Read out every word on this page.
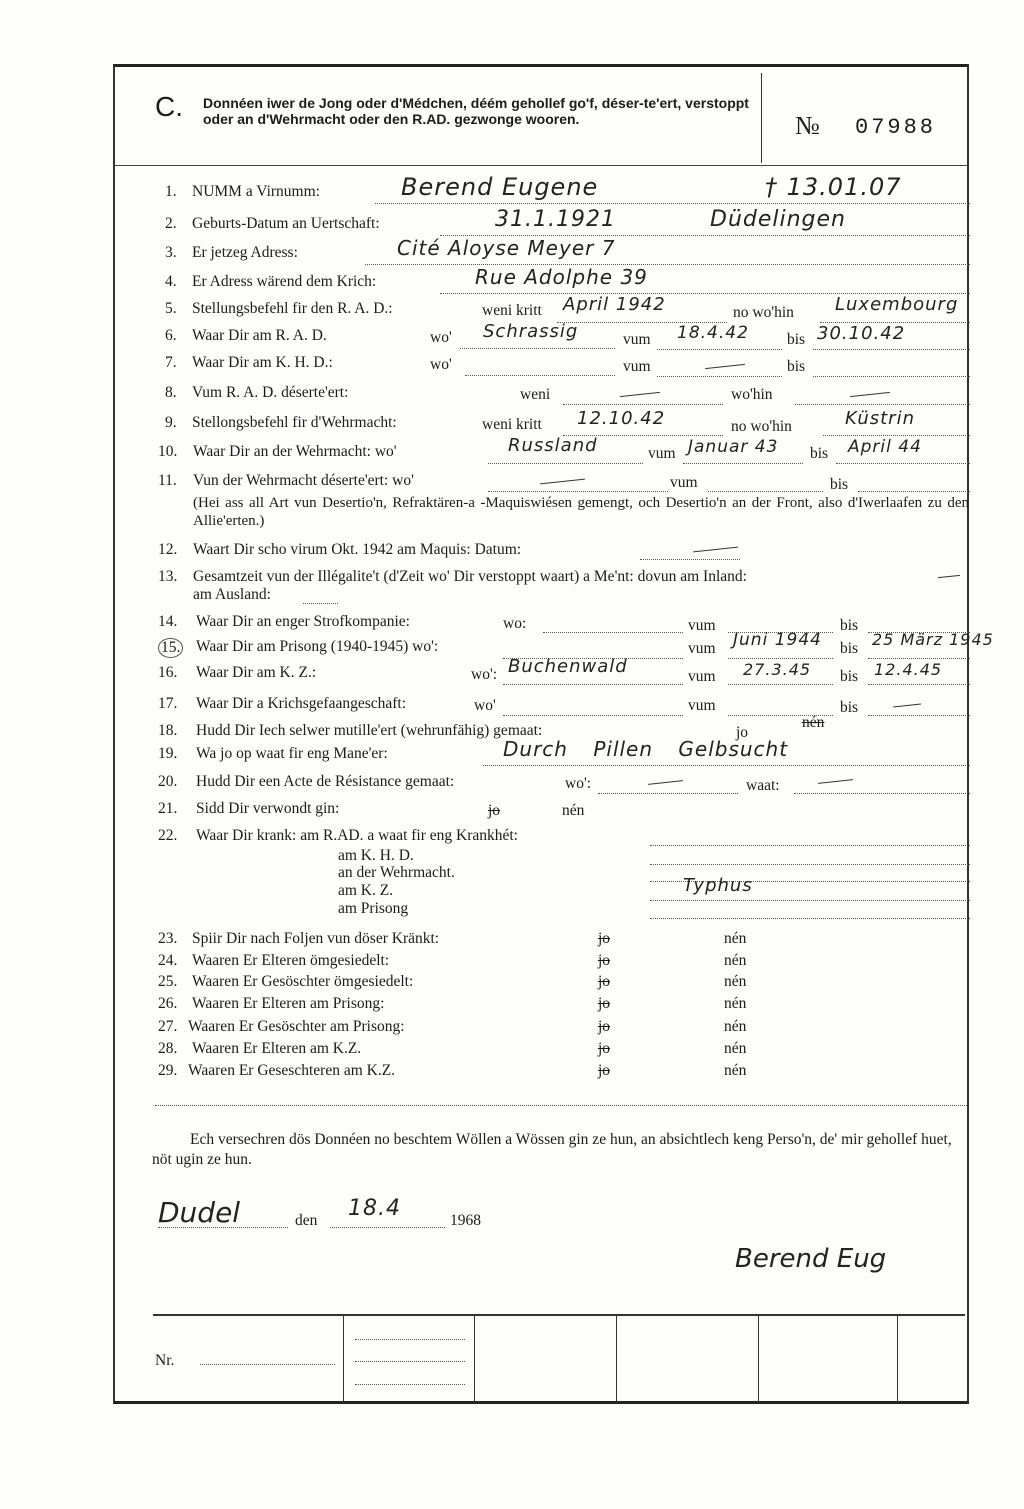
C. Donnéen iwer de Jong oder d'Médchen, déém gehollef go'f, déser-te'ert, verstoppt oder an d'Wehrmacht oder den R.AD. gezwonge wooren.	№ 07988
1. NUMM a Virnumm:	Berend Eugene	† 13.01.07
2. Geburts-Datum an Uertschaft:	31.1.1921	Düdelingen
3. Er jetzeg Adress:	Cité Aloyse Meyer 7
4. Er Adress wärend dem Krich:	Rue Adolphe 39
5. Stellungsbefehl fir den R. A. D.:	weni kritt April 1942	no wo'hin Luxembourg
6. Waar Dir am R. A. D.	wo' Schrassig	vum 18.4.42 bis 30.10.42
7. Waar Dir am K. H. D.:	wo'	vum	bis
8. Vum R. A. D. déserte'ert:	weni	wo'hin
9. Stellongsbefehl fir d'Wehrmacht:	weni kritt 12.10.42	no wo'hin	Küstrin
10. Waar Dir an der Wehrmacht: wo'	Russland	vum Januar 43 bis April 44
11. Vun der Wehrmacht déserte'ert: wo'	vum	bis
(Hei ass all Art vun Desertio'n, Refraktären-a -Maquiswiésen gemengt, och Desertio'n an der Front, also d'Iwerlaafen zu den Allie'erten.)
12. Waart Dir scho virum Okt. 1942 am Maquis: Datum:
13. Gesamtzeit vun der Illégalite't (d'Zeit wo' Dir verstoppt waart) a Me'nt: dovun am Inland:
am Ausland:
14. Waar Dir an enger Strofkompanie:	wo:	vum	bis
15. Waar Dir am Prisong (1940-1945) wo':	vum Juni 1944 bis 25 März 1945
16. Waar Dir am K. Z.:	wo': Buchenwald	vum 27.3.45 bis 12.4.45
17. Waar Dir a Krichsgefaangeschaft:	wo'	vum	bis
18. Hudd Dir Iech selwer mutille'ert (wehrunfähig) gemaat:	jo
nén
19. Wa jo op waat fir eng Mane'er:	Durch Pillen Gelbsucht
20. Hudd Dir een Acte de Résistance gemaat:	wo':	waat:
21. Sidd Dir verwondt gin:	jo	nén
22. Waar Dir krank: am R.AD. a waat fir eng Krankhét:
am K. H. D.
an der Wehrmacht.
am K. Z.	Typhus
am Prisong
23. Spiir Dir nach Foljen vun döser Kränkt:	jo	nén
24. Waaren Er Elteren ömgesiedelt:	jo	nén
25. Waaren Er Gesöschter ömgesiedelt:	jo	nén
26. Waaren Er Elteren am Prisong:	jo	nén
27. Waaren Er Gesöschter am Prisong:	jo	nén
28. Waaren Er Elteren am K.Z.	jo	nén
29. Waaren Er Geseschteren am K.Z.	jo	nén
Ech versechren dös Donnéen no beschtem Wöllen a Wössen gin ze hun, an absichtlech keng Perso'n, de' mir gehollef huet, nöt ugin ze hun.
Dudel	den 18.4	1968
Berend Eug
Nr.
